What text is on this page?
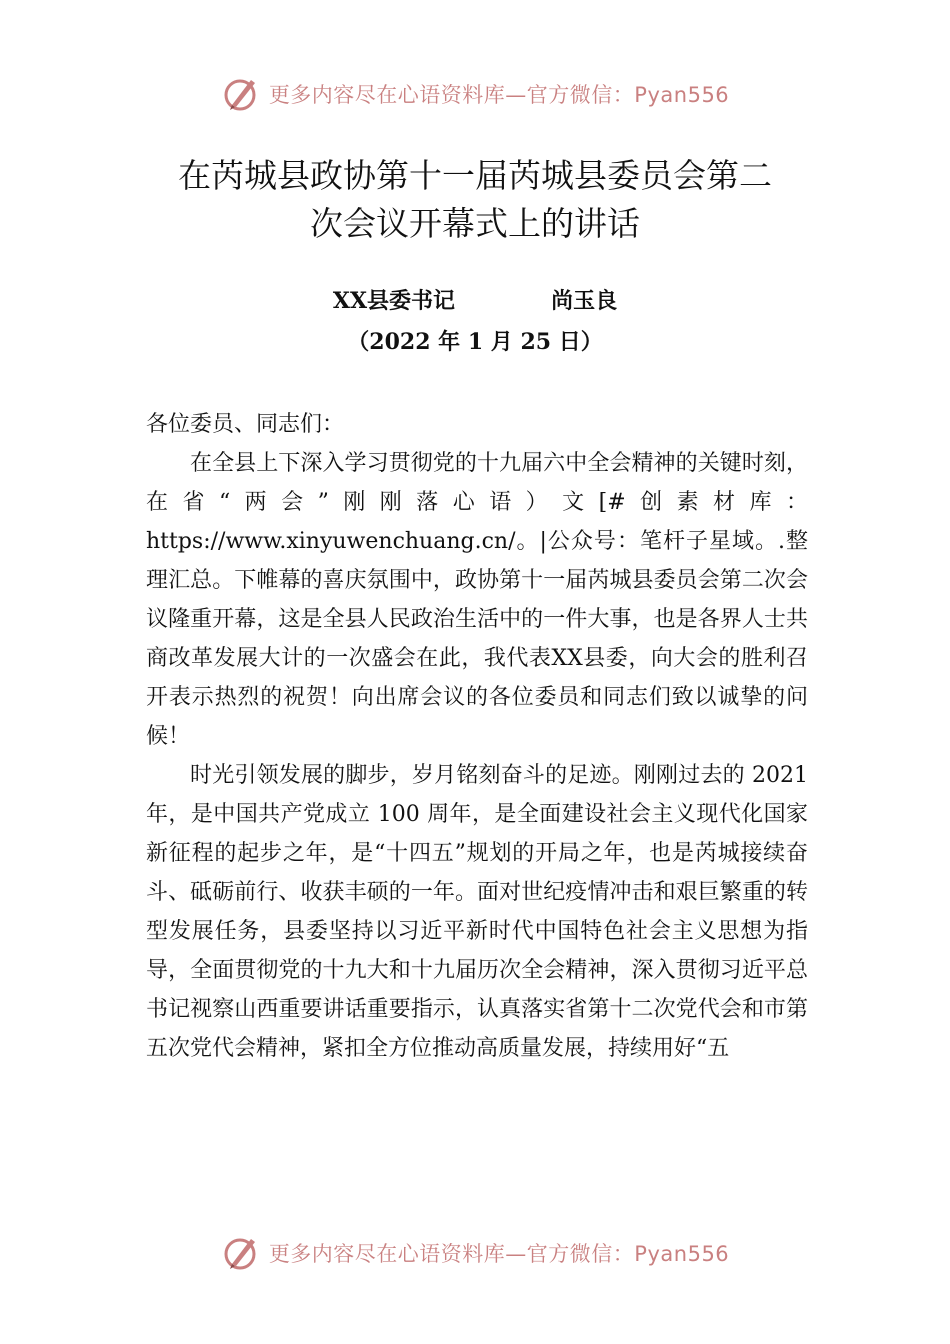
更多内容尽在心语资料库—官方微信：Pyan556
在芮城县政协第十一届芮城县委员会第二
次会议开幕式上的讲话

XX县委书记	尚玉良

（2022 年 1 月 25 日）

各位委员、同志们：

在全县上下深入学习贯彻党的十九届六中全会精神的关键时刻，在省“两会”刚刚落心语）文[#创素材库：https://www.xinyuwenchuang.cn/。|公众号：笔杆子星域。.整理汇总。下帷幕的喜庆氛围中，政协第十一届芮城县委员会第二次会议隆重开幕，这是全县人民政治生活中的一件大事，也是各界人士共商改革发展大计的一次盛会在此，我代表XX县委，向大会的胜利召开表示热烈的祝贺！向出席会议的各位委员和同志们致以诚挚的问候！

时光引领发展的脚步，岁月铭刻奋斗的足迹。刚刚过去的 2021 年，是中国共产党成立 100 周年，是全面建设社会主义现代化国家新征程的起步之年，是“十四五”规划的开局之年，也是芮城接续奋斗、砥砺前行、收获丰硕的一年。面对世纪疫情冲击和艰巨繁重的转型发展任务，县委坚持以习近平新时代中国特色社会主义思想为指导，全面贯彻党的十九大和十九届历次全会精神，深入贯彻习近平总书记视察山西重要讲话重要指示，认真落实省第十二次党代会和市第五次党代会精神，紧扣全方位推动高质量发展，持续用好“五

更多内容尽在心语资料库—官方微信：Pyan556
